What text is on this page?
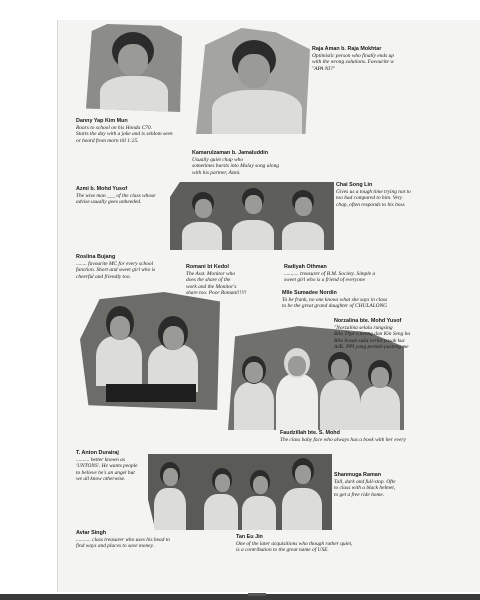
Raja Aman b. Raja Mokhtar
Optimistic person who finally ends up
with the wrong solutions. Favourite w
"APA NI?"
Danny Yap Kim Mun
Roars to school on his Honda C70.
Starts the day with a joke and is seldom seen
or heard from morn till 1:25.
Kamarulzaman b. Jamaluddin
Usually quiet chap who
sometimes bursts into Malay song along
with his partner, Azmi.
Azmi b. Mohd Yusof
The wise man ___ of the class whose
advise usually goes unheeded.
Chai Song Lin
Gives us a tough time trying not to
too bad compared to him. Very
chap, often responds to his boss
Roslina Bujang
........ favourite MC for every school
function. Short and sweet girl who is
cheerful and friendly too.
Romani bt Kedol
The Asst. Monitor who
does the share of the
work and the Monitor's
share too. Poor Romani!!!!!
Radiyah Othman
........... treasurer of B.M. Society. Simple a
sweet girl who is a friend of everyone
Mlle Sumadee Nordin
To be frank, no one knows what she says in class
to be the great grand daughter of CHULALONG
Norzalina bte. Mohd Yusof
"Norzalina selalu rungsing
Bila Thye Cheong dan Kin Seng ba
Bila bosan suka cerita pasak kuc
AJK. PPI yang pernah pusteng me
Faudzillah bte. S. Mohd
The class baby face who always has a book with her every
T. Anton Durairaj
.......... better known as
'UNTONS'. He wants people
to believe he's an angel but
we all know otherwise.
Shanmuga Raman
Tall, dark and full-stop. Ofte
to class with a black helmet,
to get a free ride home.
Avtar Singh
........... class treasurer who uses his head to
find ways and places to save money.
Tan Eu Jin
One of the later acquisitions who though rather quiet,
is a contribution to the great name of USE.
